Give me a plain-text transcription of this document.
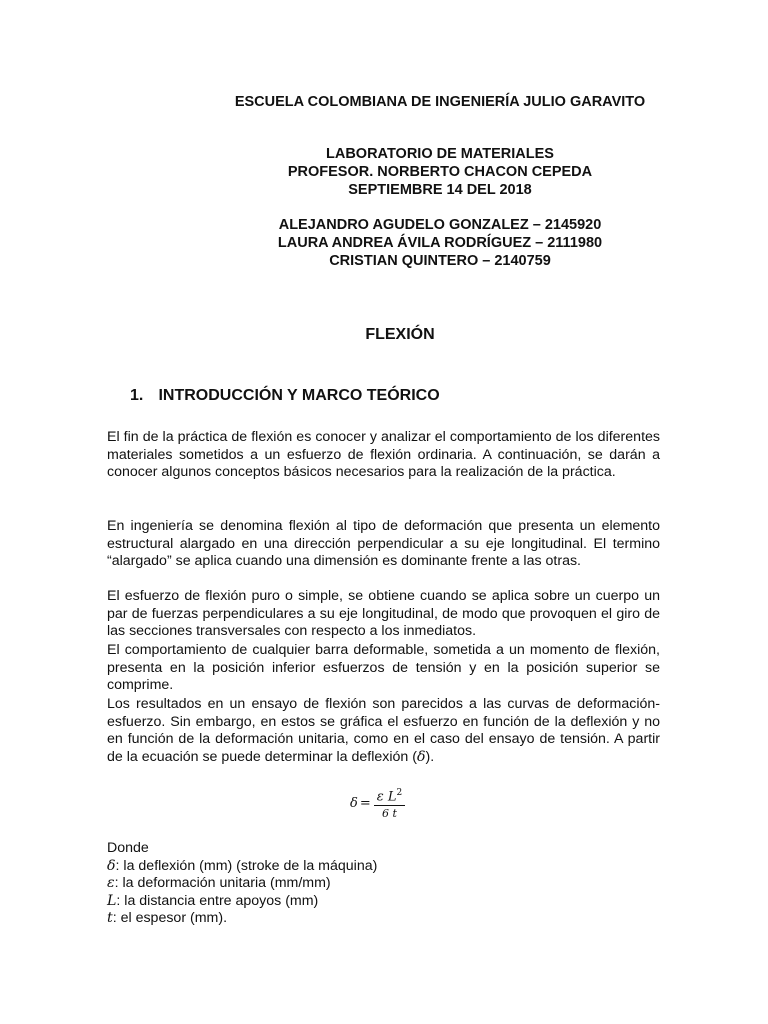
ESCUELA COLOMBIANA DE INGENIERÍA JULIO GARAVITO
LABORATORIO DE MATERIALES
PROFESOR. NORBERTO CHACON CEPEDA
SEPTIEMBRE 14 DEL 2018
ALEJANDRO AGUDELO GONZALEZ – 2145920
LAURA ANDREA ÁVILA RODRÍGUEZ – 2111980
CRISTIAN QUINTERO – 2140759
FLEXIÓN
1. INTRODUCCIÓN Y MARCO TEÓRICO

El fin de la práctica de flexión es conocer y analizar el comportamiento de los diferentes materiales sometidos a un esfuerzo de flexión ordinaria. A continuación, se darán a conocer algunos conceptos básicos necesarios para la realización de la práctica.

En ingeniería se denomina flexión al tipo de deformación que presenta un elemento estructural alargado en una dirección perpendicular a su eje longitudinal. El termino “alargado” se aplica cuando una dimensión es dominante frente a las otras.

El esfuerzo de flexión puro o simple, se obtiene cuando se aplica sobre un cuerpo un par de fuerzas perpendiculares a su eje longitudinal, de modo que provoquen el giro de las secciones transversales con respecto a los inmediatos.

El comportamiento de cualquier barra deformable, sometida a un momento de flexión, presenta en la posición inferior esfuerzos de tensión y en la posición superior se comprime.

Los resultados en un ensayo de flexión son parecidos a las curvas de deformación-esfuerzo. Sin embargo, en estos se gráfica el esfuerzo en función de la deflexión y no en función de la deformación unitaria, como en el caso del ensayo de tensión. A partir de la ecuación se puede determinar la deflexión (δ).

$\delta = \frac{\varepsilon L^2}{6 t}$
Donde
δ: la deflexión (mm) (stroke de la máquina)
ε: la deformación unitaria (mm/mm)
L: la distancia entre apoyos (mm)
t: el espesor (mm).
